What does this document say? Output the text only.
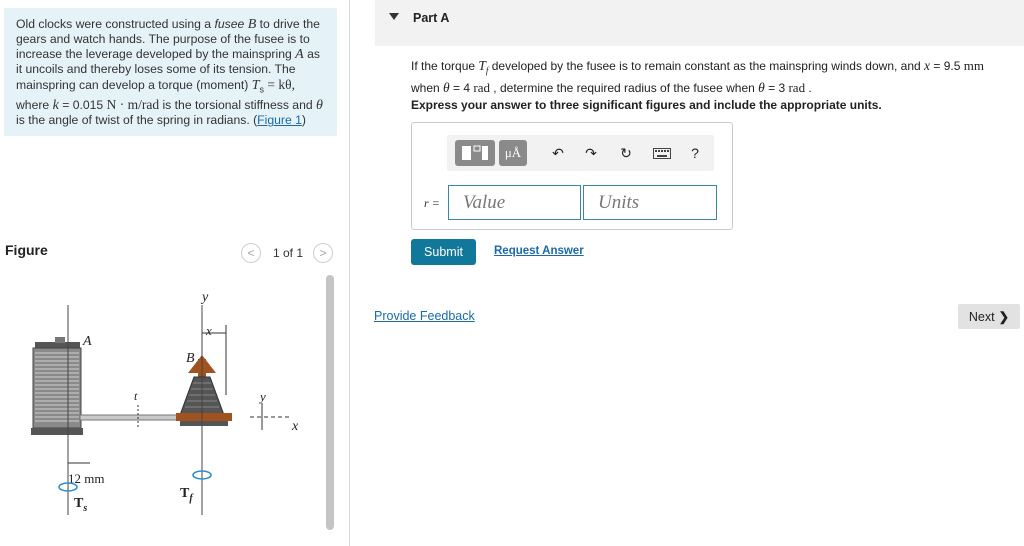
Old clocks were constructed using a fusee B to drive the gears and watch hands. The purpose of the fusee is to increase the leverage developed by the mainspring A as it uncoils and thereby loses some of its tension. The mainspring can develop a torque (moment) $T_s = k\theta$, where k = 0.015 N · m/rad is the torsional stiffness and θ is the angle of twist of the spring in radians. (Figure 1)
Figure	<	1 of 1	>
x
y
y
x
t
A
B
12 mm
$T_s$
$T_f$
Part A
If the torque $T_f$ developed by the fusee is to remain constant as the mainspring winds down, and x = 9.5 mm
when θ = 4 rad , determine the required radius of the fusee when θ = 3 rad .
Express your answer to three significant figures and include the appropriate units.
μÅ	↶	↷	↻	?
r =
Value
Units
Submit	Request Answer
Provide Feedback	Next ❯
